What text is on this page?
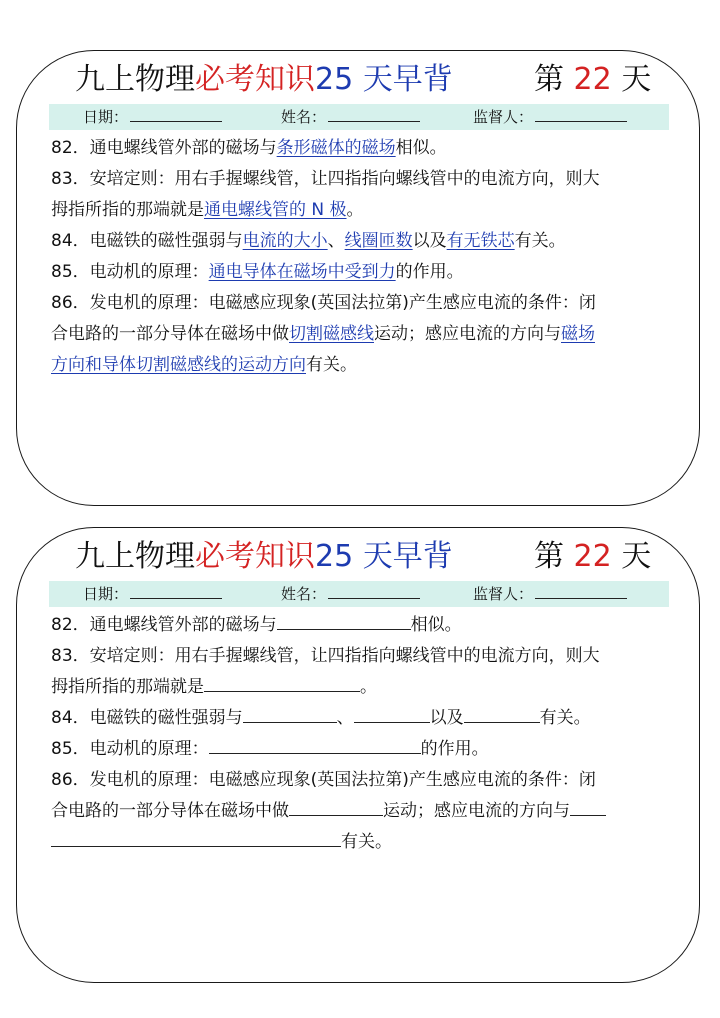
九上物理必考知识25 天早背	第 22 天
日期：	姓名：	监督人：
82．通电螺线管外部的磁场与条形磁体的磁场相似。
83．安培定则：用右手握螺线管，让四指指向螺线管中的电流方向，则大
拇指所指的那端就是通电螺线管的 N 极。
84．电磁铁的磁性强弱与电流的大小、线圈匝数以及有无铁芯有关。
85．电动机的原理：通电导体在磁场中受到力的作用。
86．发电机的原理：电磁感应现象(英国法拉第)产生感应电流的条件：闭
合电路的一部分导体在磁场中做切割磁感线运动；感应电流的方向与磁场
方向和导体切割磁感线的运动方向有关。
九上物理必考知识25 天早背	第 22 天
日期：	姓名：	监督人：
82．通电螺线管外部的磁场与	相似。
83．安培定则：用右手握螺线管，让四指指向螺线管中的电流方向，则大
拇指所指的那端就是	。
84．电磁铁的磁性强弱与	、	以及	有关。
85．电动机的原理：	的作用。
86．发电机的原理：电磁感应现象(英国法拉第)产生感应电流的条件：闭
合电路的一部分导体在磁场中做	运动；感应电流的方向与
有关。
